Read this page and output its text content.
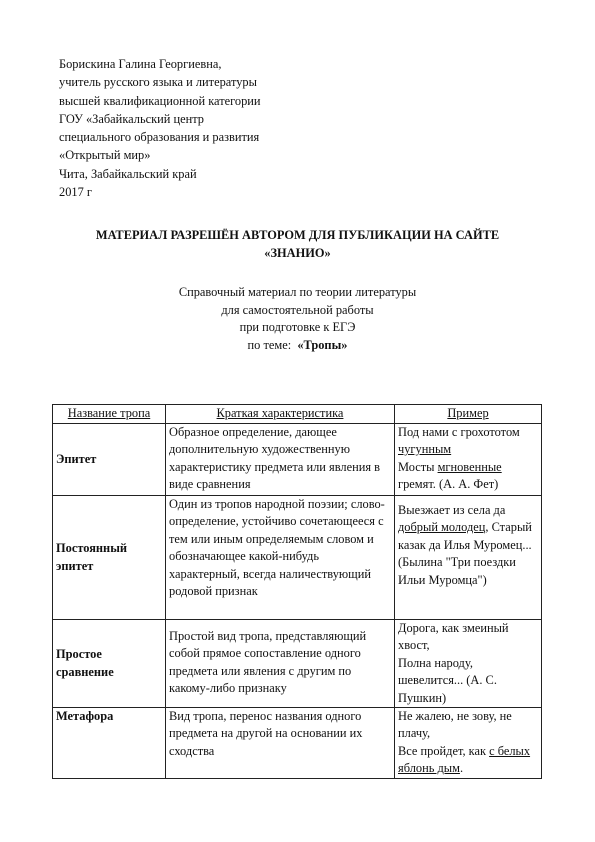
Борискина Галина Георгиевна,
учитель русского языка и литературы
высшей квалификационной категории
ГОУ «Забайкальский центр
специального образования и развития
«Открытый мир»
Чита, Забайкальский край
2017 г
МАТЕРИАЛ РАЗРЕШЁН АВТОРОМ ДЛЯ ПУБЛИКАЦИИ НА САЙТЕ
«ЗНАНИО»
Справочный материал по теории литературы
для самостоятельной работы
при подготовке к ЕГЭ
по теме:  «Тропы»
Название тропа	Краткая характеристика	Пример
Эпитет	Образное определение, дающее дополнительную художественную характеристику предмета или явления в виде сравнения	Под нами с грохототом чугунным
Мосты мгновенные
гремят. (А. А. Фет)
Постоянный эпитет	Один из тропов народной поэзии; слово-определение, устойчиво сочетающееся с тем или иным определяемым словом и обозначающее какой-нибудь характерный, всегда наличествующий родовой признак	Выезжает из села да добрый молодец, Старый казак да Илья Муромец... (Былина "Три поездки Ильи Муромца")
Простое сравнение	Простой вид тропа, представляющий собой прямое сопоставление одного предмета или явления с другим по какому-либо признаку	Дорога, как змеиный хвост,
Полна народу, шевелится... (А. С. Пушкин)
Метафора	Вид тропа, перенос названия одного предмета на другой на основании их сходства	Не жалею, не зову, не плачу,
Все пройдет, как с белых яблонь дым.
